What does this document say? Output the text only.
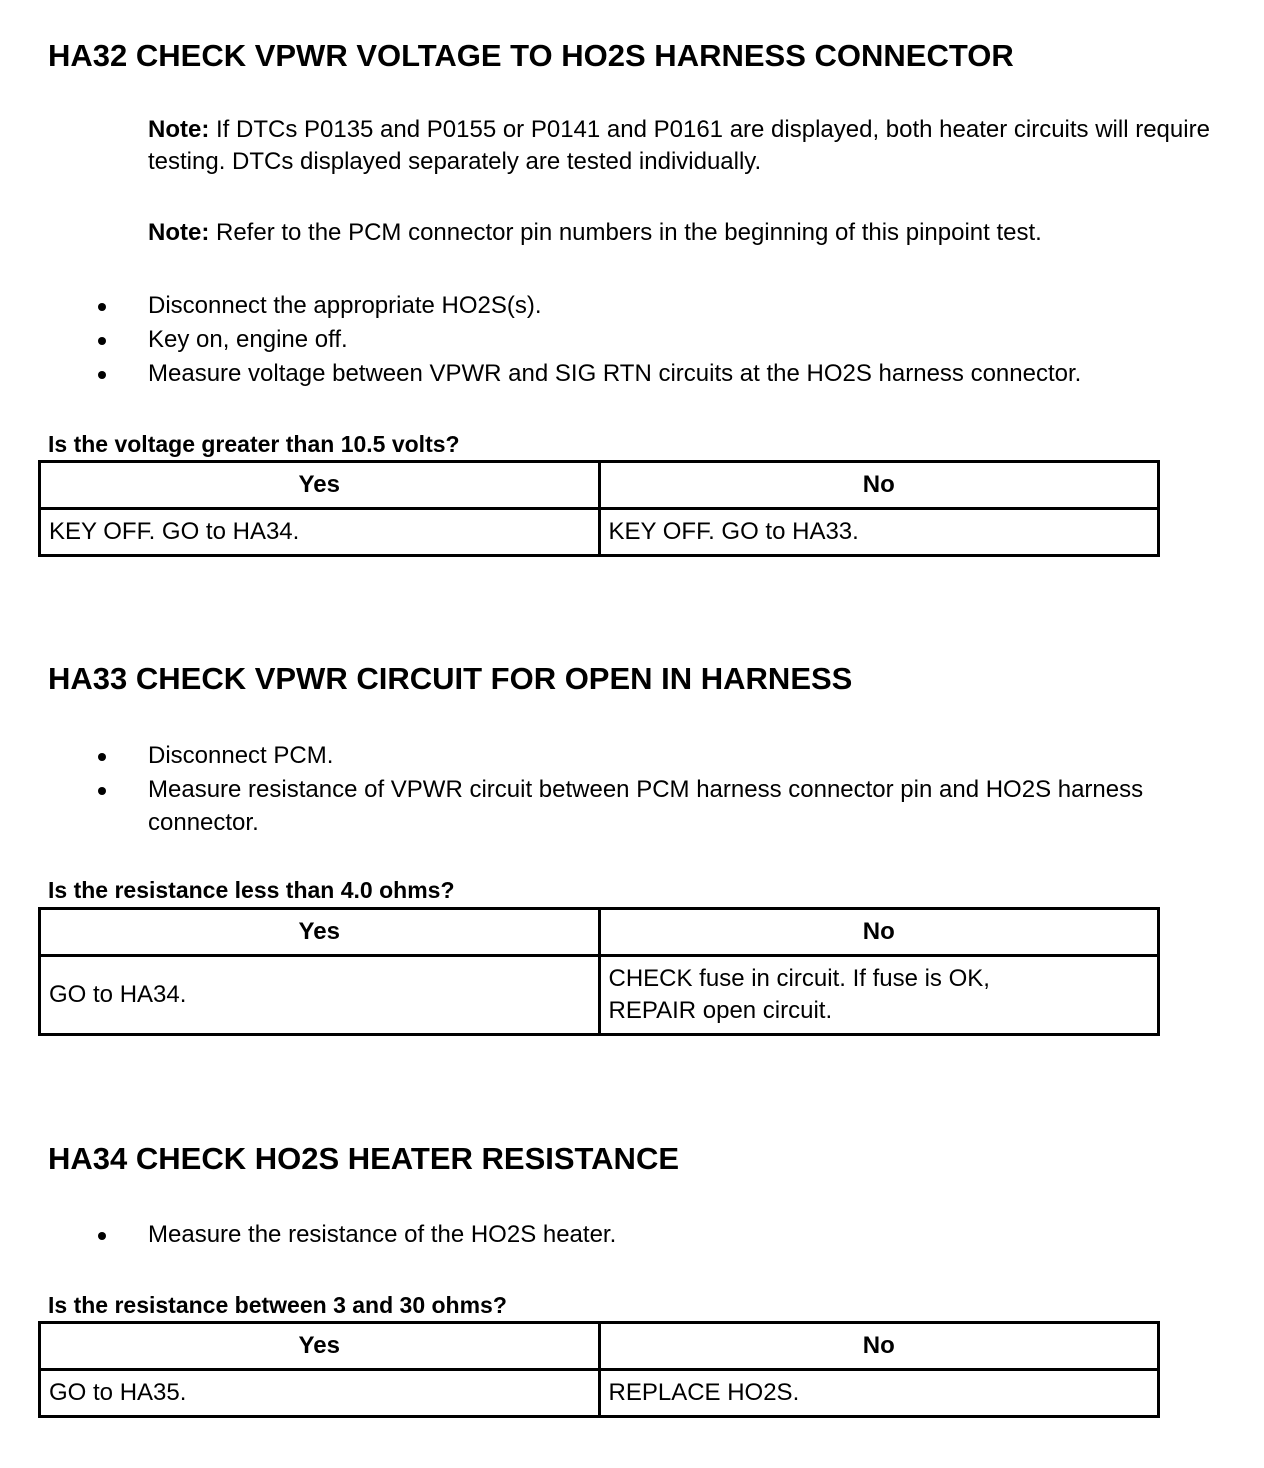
HA32 CHECK VPWR VOLTAGE TO HO2S HARNESS CONNECTOR

Note: If DTCs P0135 and P0155 or P0141 and P0161 are displayed, both heater circuits will require testing. DTCs displayed separately are tested individually.

Note: Refer to the PCM connector pin numbers in the beginning of this pinpoint test.

Disconnect the appropriate HO2S(s).
Key on, engine off.
Measure voltage between VPWR and SIG RTN circuits at the HO2S harness connector.

Is the voltage greater than 10.5 volts?

Yes	No
KEY OFF. GO to HA34.	KEY OFF. GO to HA33.
HA33 CHECK VPWR CIRCUIT FOR OPEN IN HARNESS
Disconnect PCM.
Measure resistance of VPWR circuit between PCM harness connector pin and HO2S harness connector.

Is the resistance less than 4.0 ohms?

Yes	No
GO to HA34.	CHECK fuse in circuit. If fuse is OK, REPAIR open circuit.
HA34 CHECK HO2S HEATER RESISTANCE
Measure the resistance of the HO2S heater.

Is the resistance between 3 and 30 ohms?

Yes	No
GO to HA35.	REPLACE HO2S.
